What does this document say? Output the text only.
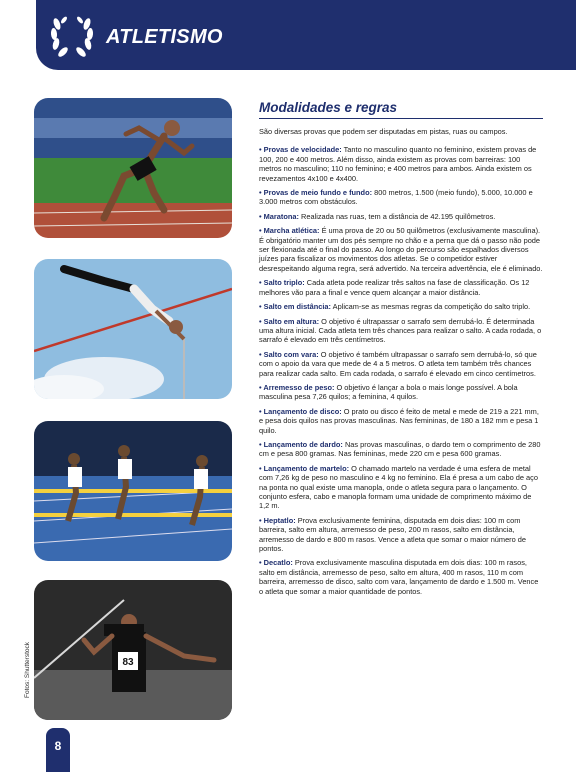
ATLETISMO
83
Fotos: Shutterstock
Modalidades e regras

São diversas provas que podem ser disputadas em pistas, ruas ou campos.

• Provas de velocidade: Tanto no masculino quanto no feminino, existem provas de 100, 200 e 400 metros. Além disso, ainda existem as provas com barreiras: 100 metros no masculino; 110 no feminino; e 400 metros para ambos. Ainda existem os revezamentos 4x100 e 4x400.

• Provas de meio fundo e fundo: 800 metros, 1.500 (meio fundo), 5.000, 10.000 e 3.000 metros com obstáculos.

• Maratona: Realizada nas ruas, tem a distância de 42.195 quilômetros.

• Marcha atlética: É uma prova de 20 ou 50 quilômetros (exclusivamente masculina). É obrigatório manter um dos pés sempre no chão e a perna que dá o passo não pode ser flexionada até o final do passo. Ao longo do percurso são espalhados diversos juízes para fiscalizar os movimentos dos atletas. Se o competidor estiver desrespeitando alguma regra, será advertido. Na terceira advertência, ele é eliminado.

• Salto triplo: Cada atleta pode realizar três saltos na fase de classificação. Os 12 melhores vão para a final e vence quem alcançar a maior distância.

• Salto em distância: Aplicam-se as mesmas regras da competição do salto triplo.

• Salto em altura: O objetivo é ultrapassar o sarrafo sem derrubá-lo. É determinada uma altura inicial. Cada atleta tem três chances para realizar o salto. A cada rodada, o sarrafo é elevado em três centímetros.

• Salto com vara: O objetivo é também ultrapassar o sarrafo sem derrubá-lo, só que com o apoio da vara que mede de 4 a 5 metros. O atleta tem também três chances para realizar cada salto. Em cada rodada, o sarrafo é elevado em cinco centímetros.

• Arremesso de peso: O objetivo é lançar a bola o mais longe possível. A bola masculina pesa 7,26 quilos; a feminina, 4 quilos.

• Lançamento de disco: O prato ou disco é feito de metal e mede de 219 a 221 mm, e pesa dois quilos nas provas masculinas. Nas femininas, de 180 a 182 mm e pesa 1 quilo.

• Lançamento de dardo: Nas provas masculinas, o dardo tem o comprimento de 280 cm e pesa 800 gramas. Nas femininas, mede 220 cm e pesa 600 gramas.

• Lançamento de martelo: O chamado martelo na verdade é uma esfera de metal com 7,26 kg de peso no masculino e 4 kg no feminino. Ela é presa a um cabo de aço na ponta no qual existe uma manopla, onde o atleta segura para o lançamento. O conjunto esfera, cabo e manopla formam uma unidade de comprimento máximo de 1,2 m.

• Heptatlo: Prova exclusivamente feminina, disputada em dois dias: 100 m com barreira, salto em altura, arremesso de peso, 200 m rasos, salto em distância, arremesso de dardo e 800 m rasos. Vence a atleta que somar o maior número de pontos.

• Decatlo: Prova exclusivamente masculina disputada em dois dias: 100 m rasos, salto em distância, arremesso de peso, salto em altura, 400 m rasos, 110 m com barreira, arremesso de disco, salto com vara, lançamento de dardo e 1.500 m. Vence o atleta que somar a maior quantidade de pontos.

8
